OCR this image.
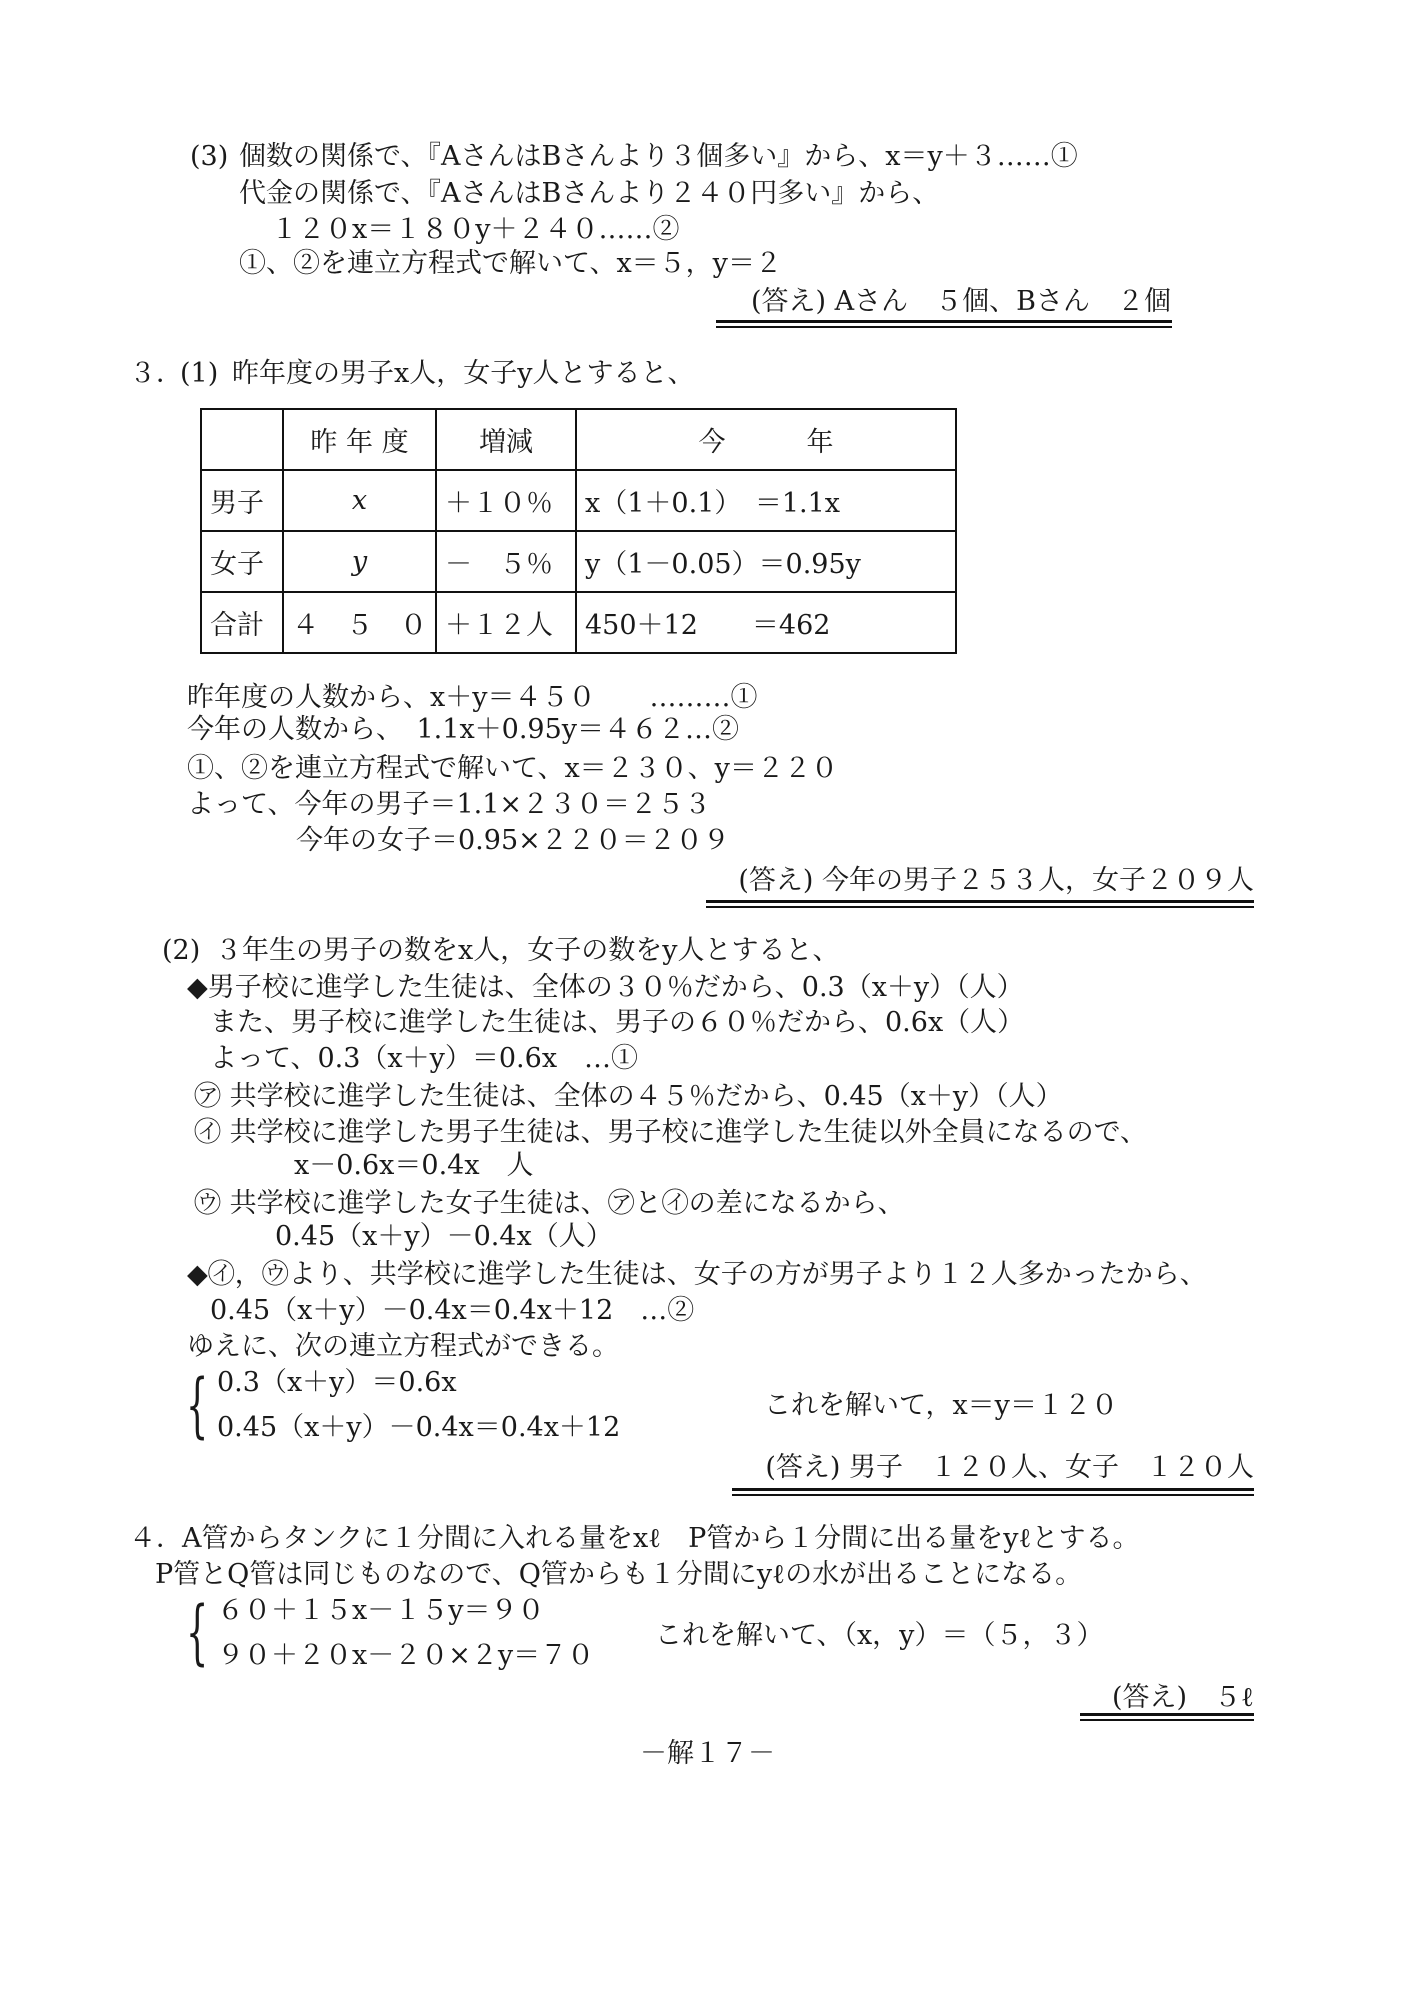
(3) 個数の関係で、『AさんはBさんより３個多い』から、x＝y＋３……①
代金の関係で、『AさんはBさんより２４０円多い』から、
１２０x＝１８０y＋２４０……②
①、②を連立方程式で解いて、x＝５，y＝２
(答え) Aさん　５個、Bさん　２個
３．
(1) 昨年度の男子x人，女子y人とすると、
	昨 年 度	増減	今　　　年
男子	x	＋１０％	x（1＋0.1）　＝1.1x
女子	y	－　５％	y（1－0.05）＝0.95y
合計	４　５　０	＋１２人	450＋12　　＝462
昨年度の人数から、x＋y＝４５０　　………①
今年の人数から、　1.1x＋0.95y＝４６２…②
①、②を連立方程式で解いて、x＝２３０、y＝２２０
よって、今年の男子＝1.1×２３０＝２５３
今年の女子＝0.95×２２０＝２０９
(答え) 今年の男子２５３人，女子２０９人
(2) ３年生の男子の数をx人，女子の数をy人とすると、
◆男子校に進学した生徒は、全体の３０％だから、0.3（x＋y）（人）
また、男子校に進学した生徒は、男子の６０％だから、0.6x（人）
よって、0.3（x＋y）＝0.6x　…①
㋐ 共学校に進学した生徒は、全体の４５％だから、0.45（x＋y）（人）
㋑ 共学校に進学した男子生徒は、男子校に進学した生徒以外全員になるので、
x－0.6x＝0.4x　人
㋒ 共学校に進学した女子生徒は、㋐と㋑の差になるから、
0.45（x＋y）－0.4x（人）
◆㋑，㋒より、共学校に進学した生徒は、女子の方が男子より１２人多かったから、
0.45（x＋y）－0.4x＝0.4x＋12　…②
ゆえに、次の連立方程式ができる。
{ 0.3（x＋y）＝0.6x
0.45（x＋y）－0.4x＝0.4x＋12
これを解いて，x＝y＝１２０
(答え) 男子　１２０人、女子　１２０人
４． A管からタンクに１分間に入れる量をxℓ　P管から１分間に出る量をyℓとする。
P管とQ管は同じものなので、Q管からも１分間にyℓの水が出ることになる。
{ ６０＋１５x－１５y＝９０
９０＋２０x－２０×２y＝７０
これを解いて、（x，y）＝（５，３）
(答え)　５ℓ
－解１７－
